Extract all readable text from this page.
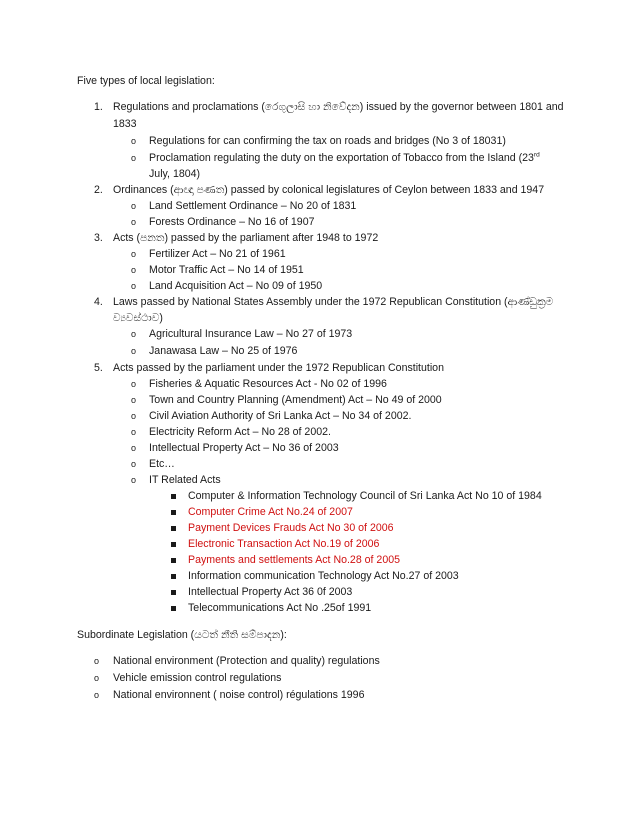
Five types of local legislation:
1. Regulations and proclamations (රෙගුලාසි හා නිවේදන) issued by the governor between 1801 and
1833
o Regulations for can confirming the tax on roads and bridges (No 3 of 18031)
o Proclamation regulating the duty on the exportation of Tobacco from the Island (23rd
July, 1804)
2. Ordinances (ආඥා පණත) passed by colonical legislatures of Ceylon between 1833 and 1947
o Land Settlement Ordinance – No 20 of 1831
o Forests Ordinance – No 16 of 1907
3. Acts (පනත) passed by the parliament after 1948 to 1972
o Fertilizer Act – No 21 of 1961
o Motor Traffic Act – No 14 of 1951
o Land Acquisition Act – No 09 of 1950
4. Laws passed by National States Assembly under the 1972 Republican Constitution (ආණ්ඩුක්‍රම
ව්‍යවස්ථාව)
o Agricultural Insurance Law – No 27 of 1973
o Janawasa Law – No 25 of 1976
5. Acts passed by the parliament under the 1972 Republican Constitution
o Fisheries & Aquatic Resources Act - No 02 of 1996
o Town and Country Planning (Amendment) Act – No 49 of 2000
o Civil Aviation Authority of Sri Lanka Act – No 34 of 2002.
o Electricity Reform Act – No 28 of 2002.
o Intellectual Property Act – No 36 of 2003
o Etc…
o IT Related Acts
Computer & Information Technology Council of Sri Lanka Act No 10 of 1984
Computer Crime Act No.24 of 2007
Payment Devices Frauds Act No 30 of 2006
Electronic Transaction Act No.19 of 2006
Payments and settlements Act No.28 of 2005
Information communication Technology Act No.27 of 2003
Intellectual Property Act 36 0f 2003
Telecommunications Act No .25of 1991
Subordinate Legislation (යටත් නීති සම්පාදන):
o National environment (Protection and quality) regulations
o Vehicle emission control regulations
o National environnent ( noise control) régulations 1996
